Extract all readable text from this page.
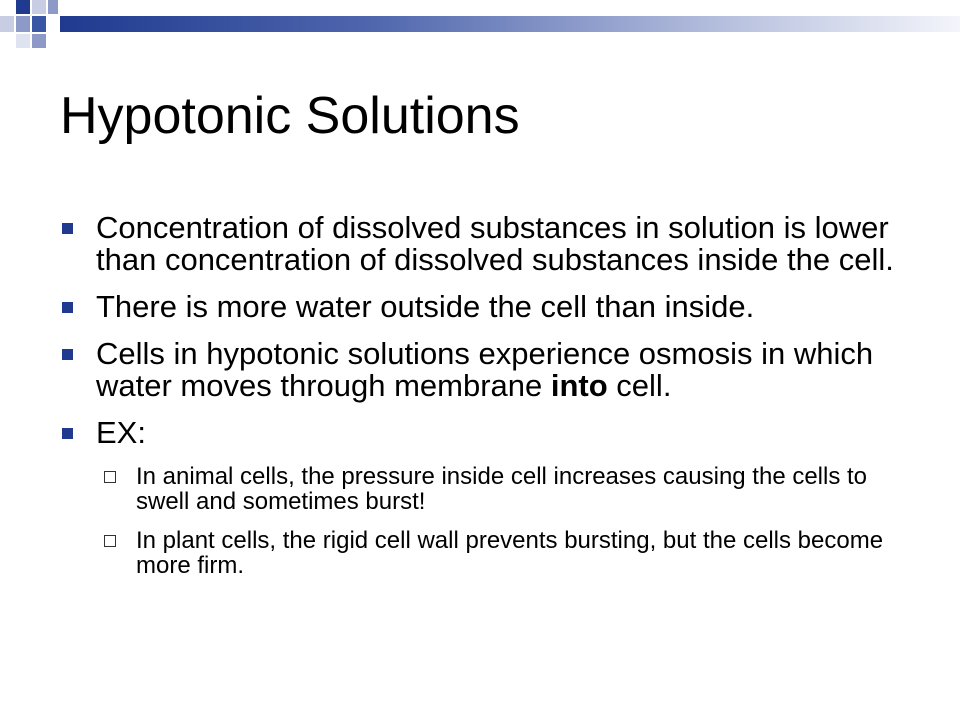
Hypotonic Solutions
Concentration of dissolved substances in solution is lower than concentration of dissolved substances inside the cell.
There is more water outside the cell than inside.
Cells in hypotonic solutions experience osmosis in which water moves through membrane into cell.
EX:
In animal cells, the pressure inside cell increases causing the cells to swell and sometimes burst!
In plant cells, the rigid cell wall prevents bursting, but the cells become more firm.
